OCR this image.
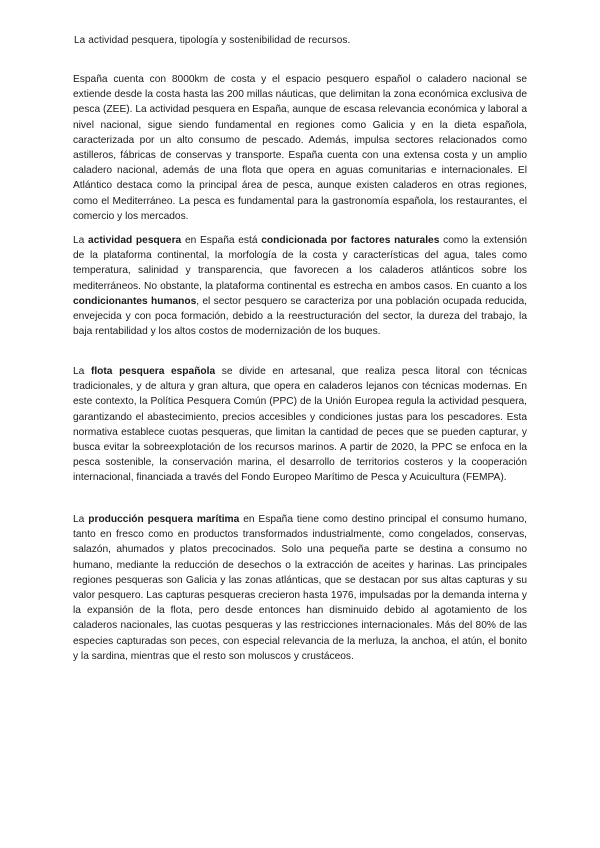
La actividad pesquera, tipología y sostenibilidad de recursos.

España cuenta con 8000km de costa y el espacio pesquero español o caladero nacional se extiende desde la costa hasta las 200 millas náuticas, que delimitan la zona económica exclusiva de pesca (ZEE). La actividad pesquera en España, aunque de escasa relevancia económica y laboral a nivel nacional, sigue siendo fundamental en regiones como Galicia y en la dieta española, caracterizada por un alto consumo de pescado. Además, impulsa sectores relacionados como astilleros, fábricas de conservas y transporte. España cuenta con una extensa costa y un amplio caladero nacional, además de una flota que opera en aguas comunitarias e internacionales. El Atlántico destaca como la principal área de pesca, aunque existen caladeros en otras regiones, como el Mediterráneo. La pesca es fundamental para la gastronomía española, los restaurantes, el comercio y los mercados.

La actividad pesquera en España está condicionada por factores naturales como la extensión de la plataforma continental, la morfología de la costa y características del agua, tales como temperatura, salinidad y transparencia, que favorecen a los caladeros atlánticos sobre los mediterráneos. No obstante, la plataforma continental es estrecha en ambos casos. En cuanto a los condicionantes humanos, el sector pesquero se caracteriza por una población ocupada reducida, envejecida y con poca formación, debido a la reestructuración del sector, la dureza del trabajo, la baja rentabilidad y los altos costos de modernización de los buques.

La flota pesquera española se divide en artesanal, que realiza pesca litoral con técnicas tradicionales, y de altura y gran altura, que opera en caladeros lejanos con técnicas modernas. En este contexto, la Política Pesquera Común (PPC) de la Unión Europea regula la actividad pesquera, garantizando el abastecimiento, precios accesibles y condiciones justas para los pescadores. Esta normativa establece cuotas pesqueras, que limitan la cantidad de peces que se pueden capturar, y busca evitar la sobreexplotación de los recursos marinos. A partir de 2020, la PPC se enfoca en la pesca sostenible, la conservación marina, el desarrollo de territorios costeros y la cooperación internacional, financiada a través del Fondo Europeo Marítimo de Pesca y Acuicultura (FEMPA).

La producción pesquera marítima en España tiene como destino principal el consumo humano, tanto en fresco como en productos transformados industrialmente, como congelados, conservas, salazón, ahumados y platos precocinados. Solo una pequeña parte se destina a consumo no humano, mediante la reducción de desechos o la extracción de aceites y harinas. Las principales regiones pesqueras son Galicia y las zonas atlánticas, que se destacan por sus altas capturas y su valor pesquero. Las capturas pesqueras crecieron hasta 1976, impulsadas por la demanda interna y la expansión de la flota, pero desde entonces han disminuido debido al agotamiento de los caladeros nacionales, las cuotas pesqueras y las restricciones internacionales. Más del 80% de las especies capturadas son peces, con especial relevancia de la merluza, la anchoa, el atún, el bonito y la sardina, mientras que el resto son moluscos y crustáceos.
